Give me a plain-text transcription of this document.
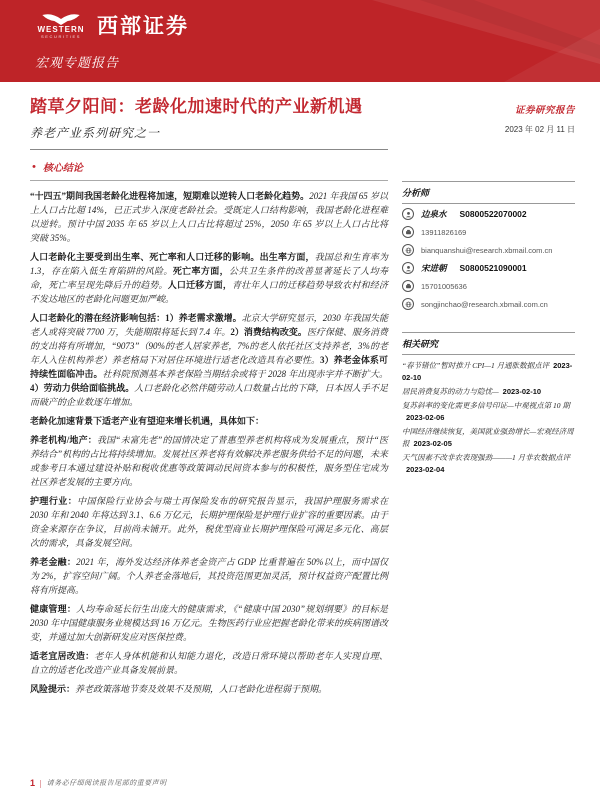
WESTERN
SECURITIES 西部证券
宏观专题报告
踏草夕阳间：老龄化加速时代的产业新机遇
养老产业系列研究之一
• 核心结论

“十四五”期间我国老龄化进程将加速，短期难以逆转人口老龄化趋势。2021 年我国 65 岁以上人口占比超 14%，已正式步入深度老龄社会。受既定人口结构影响，我国老龄化进程难以逆转。预计中国 2035 年 65 岁以上人口占比将超过 25%，2050 年 65 岁以上人口占比将突破 35%。

人口老龄化主要受到出生率、死亡率和人口迁移的影响。出生率方面，我国总和生育率为 1.3，存在陷入低生育陷阱的风险。死亡率方面，公共卫生条件的改善显著延长了人均寿命，死亡率呈现先降后升的趋势。人口迁移方面，青壮年人口的迁移趋势导致农村和经济不发达地区的老龄化问题更加严峻。

人口老龄化的潜在经济影响包括：1）养老需求激增。北京大学研究显示，2030 年我国失能老人或将突破 7700 万，失能期限将延长到 7.4 年。2）消费结构改变。医疗保健、服务消费的支出将有所增加，“9073”（90%的老人居家养老，7%的老人依托社区支持养老，3%的老年人入住机构养老）养老格局下对居住环境进行适老化改造具有必要性。3）养老金体系可持续性面临冲击。社科院预测基本养老保险当期结余或将于 2028 年出现赤字并不断扩大。4）劳动力供给面临挑战。人口老龄化必然伴随劳动人口数量占比的下降，日本因人手不足而破产的企业数逐年增加。

老龄化加速背景下适老产业有望迎来增长机遇，具体如下：

养老机构/地产：我国“未富先老”的国情决定了普惠型养老机构将成为发展重点，预计“医养结合”机构的占比将持续增加。发展社区养老将有效解决养老服务供给不足的问题，未来或参考日本通过建设补贴和税收优惠等政策调动民间资本参与的积极性，服务型住宅成为社区养老发展的主要方向。

护理行业：中国保险行业协会与瑞士再保险发布的研究报告显示，我国护理服务需求在 2030 年和 2040 年将达到 3.1、6.6 万亿元，长期护理保险是护理行业扩容的重要因素。由于资金来源存在争议，目前尚未铺开。此外，税优型商业长期护理保险可满足多元化、高层次的需求，具备发展空间。

养老金融：2021 年，海外发达经济体养老金资产占 GDP 比重普遍在 50%以上，而中国仅为 2%，扩容空间广阔。个人养老金落地后，其投资范围更加灵活，预计权益资产配置比例将有所提高。

健康管理：人均寿命延长衍生出庞大的健康需求，《“健康中国 2030”规划纲要》的目标是 2030 年中国健康服务业规模达到 16 万亿元。生物医药行业应把握老龄化带来的疾病图谱改变，并通过加大创新研发应对医保控费。

适老宜居改造：老年人身体机能和认知能力退化，改造日常环境以帮助老年人实现自理、自立的适老化改造产业具备发展前景。

风险提示：养老政策落地节奏及效果不及预期，人口老龄化进程弱于预期。

证券研究报告
2023 年 02 月 11 日
分析师
边泉水 S0800522070002
13911826169
bianquanshui@research.xbmail.com.cn
宋进朝 S0800521090001
15701005636
songjinchao@research.xbmail.com.cn
相关研究
“春节错位”暂时推升 CPI—1 月通胀数据点评 2023-02-10
居民消费复苏的动力与隐忧— 2023-02-10
复苏斜率的变化需更多信号印证—中观视点第 10 期2023-02-06
中国经济继续恢复，美国就业强劲增长—宏观经济周报 2023-02-05
天气因素不改非农表现强劲———1 月非农数据点评2023-02-04
1 | 请务必仔细阅读报告尾部的重要声明
